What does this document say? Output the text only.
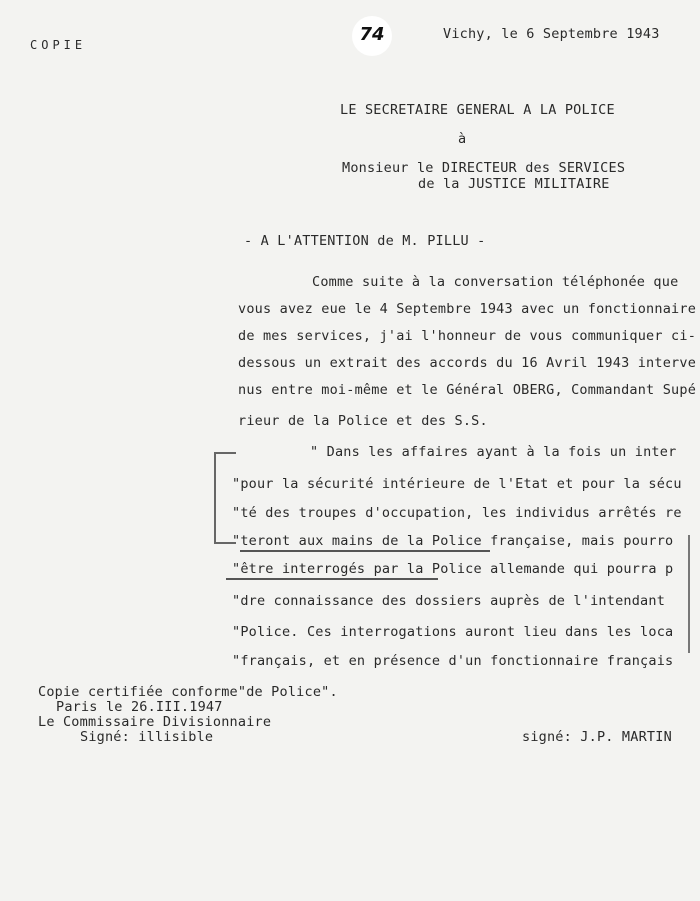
COPIE	74	Vichy, le 6 Septembre 1943
LE SECRETAIRE GENERAL A LA POLICE
à
Monsieur le DIRECTEUR des SERVICES
de la JUSTICE MILITAIRE
- A L'ATTENTION de M. PILLU -
Comme suite à la conversation téléphonée que
vous avez eue le 4 Septembre 1943 avec un fonctionnaire
de mes services, j'ai l'honneur de vous communiquer ci-
dessous un extrait des accords du 16 Avril 1943 interve
nus entre moi-même et le Général OBERG, Commandant Supé
rieur de la Police et des S.S.
" Dans les affaires ayant à la fois un inter
"pour la sécurité intérieure de l'Etat et pour la sécu
"té des troupes d'occupation, les individus arrêtés re
"teront aux mains de la Police française, mais pourro
"être interrogés par la Police allemande qui pourra p
"dre connaissance des dossiers auprès de l'intendant
"Police. Ces interrogations auront lieu dans les loca
"français, et en présence d'un fonctionnaire français
Copie certifiée conforme"de Police".
Paris le 26.III.1947
Le Commissaire Divisionnaire
Signé: illisible	signé: J.P. MARTIN
